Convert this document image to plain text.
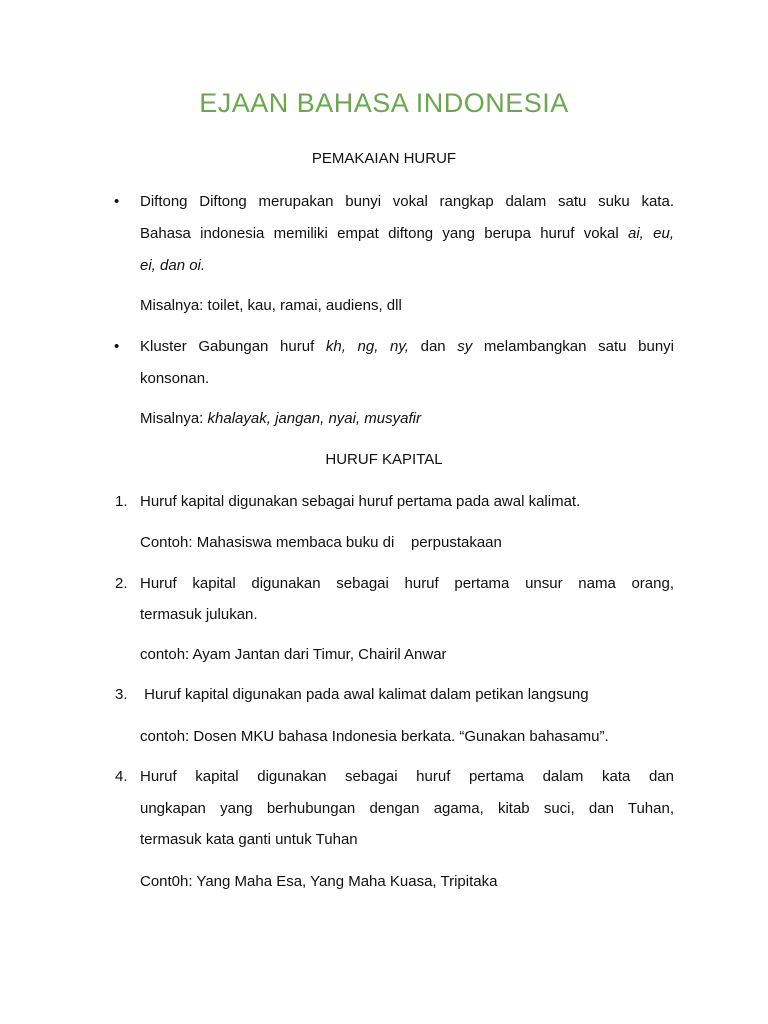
EJAAN BAHASA INDONESIA
PEMAKAIAN HURUF
• Diftong Diftong merupakan bunyi vokal rangkap dalam satu suku kata.
Bahasa indonesia memiliki empat diftong yang berupa huruf vokal ai, eu,
ei, dan oi.
Misalnya: toilet, kau, ramai, audiens, dll
• Kluster Gabungan huruf kh, ng, ny, dan sy melambangkan satu bunyi
konsonan.
Misalnya: khalayak, jangan, nyai, musyafir
HURUF KAPITAL
1. Huruf kapital digunakan sebagai huruf pertama pada awal kalimat.
Contoh: Mahasiswa membaca buku di    perpustakaan
2. Huruf kapital digunakan sebagai huruf pertama unsur nama orang,
termasuk julukan.
contoh: Ayam Jantan dari Timur, Chairil Anwar
3. Huruf kapital digunakan pada awal kalimat dalam petikan langsung
contoh: Dosen MKU bahasa Indonesia berkata. “Gunakan bahasamu”.
4. Huruf kapital digunakan sebagai huruf pertama dalam kata dan
ungkapan yang berhubungan dengan agama, kitab suci, dan Tuhan,
termasuk kata ganti untuk Tuhan
Cont0h: Yang Maha Esa, Yang Maha Kuasa, Tripitaka
